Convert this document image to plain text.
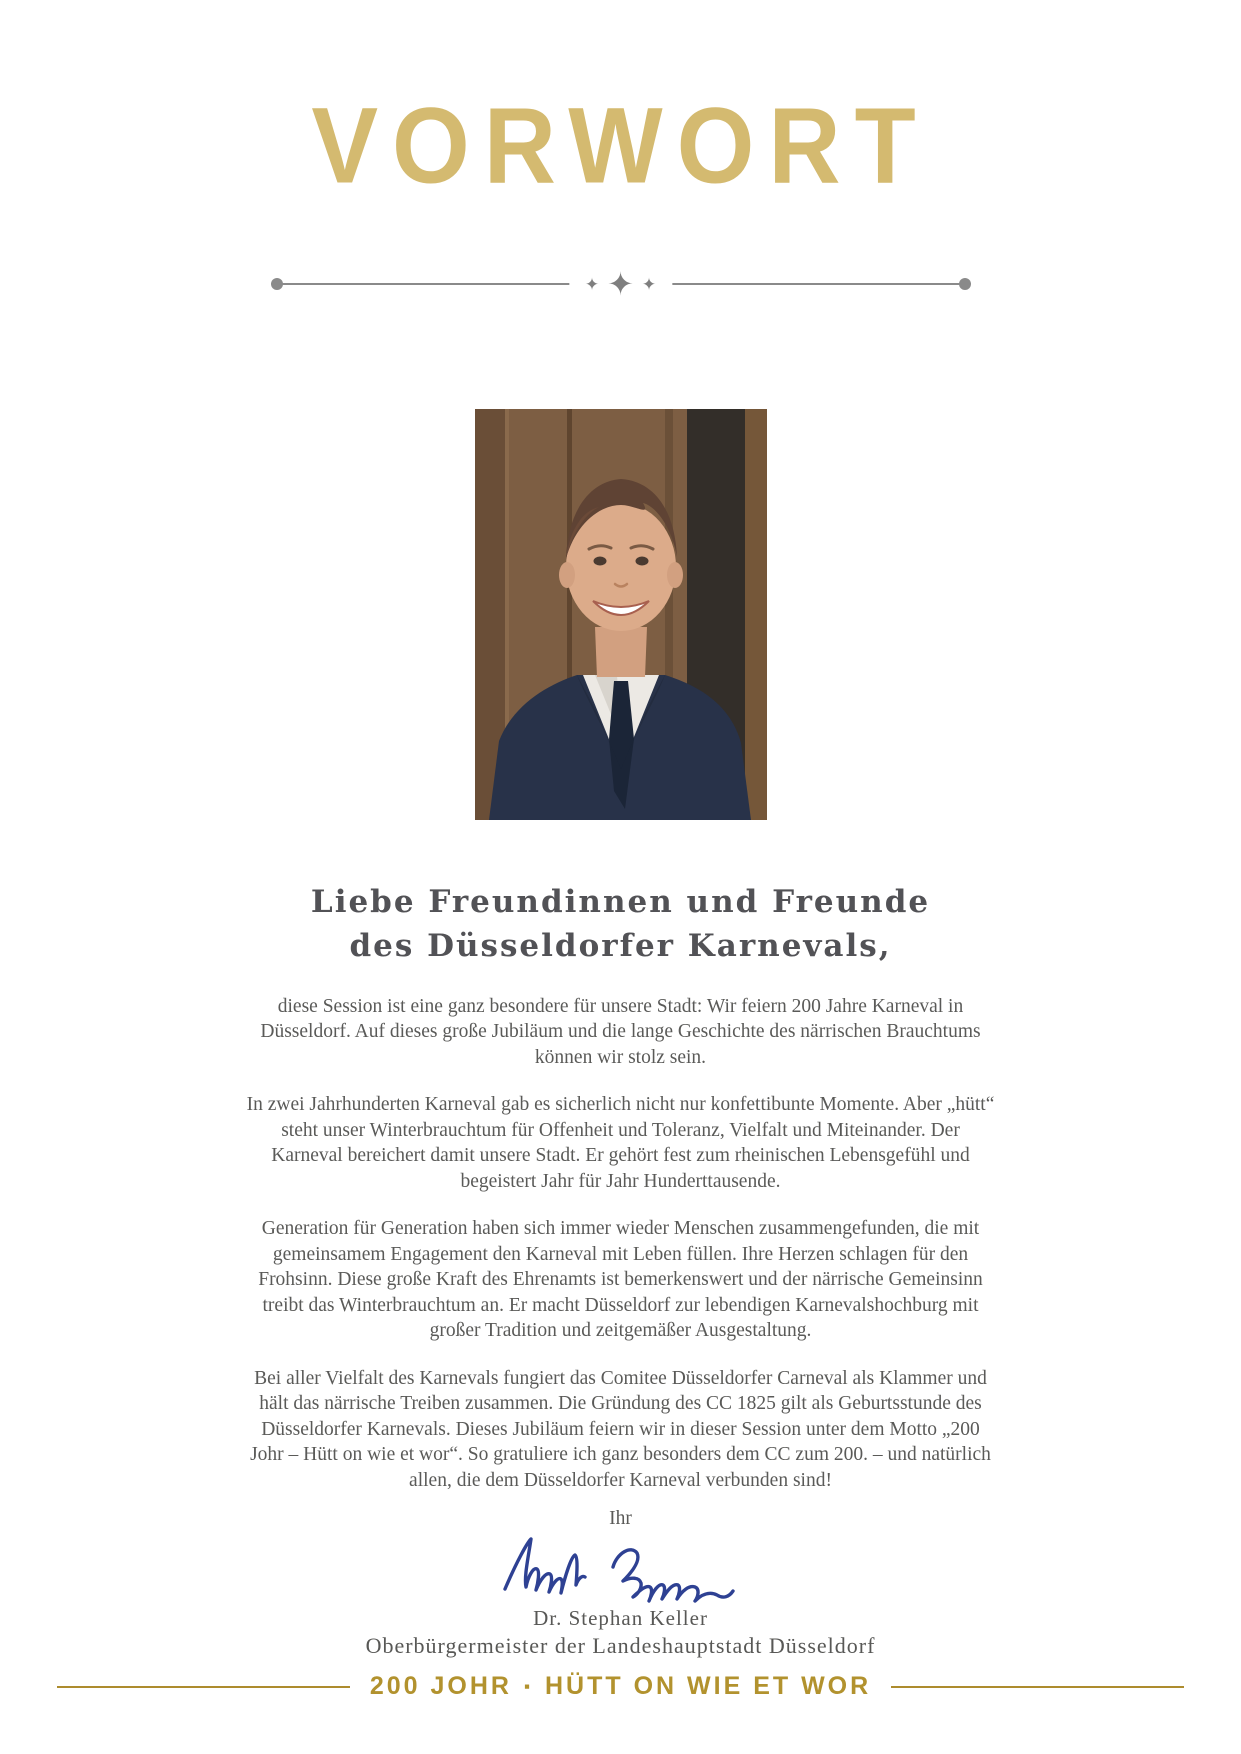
VORWORT
✦ ✦ ✦
Liebe Freundinnen und Freunde
des Düsseldorfer Karnevals,

diese Session ist eine ganz besondere für unsere Stadt: Wir feiern 200 Jahre Karneval in Düsseldorf. Auf dieses große Jubiläum und die lange Geschichte des närrischen Brauchtums können wir stolz sein.

In zwei Jahrhunderten Karneval gab es sicherlich nicht nur konfettibunte Momente. Aber „hütt“ steht unser Winterbrauchtum für Offenheit und Toleranz, Vielfalt und Miteinander. Der Karneval bereichert damit unsere Stadt. Er gehört fest zum rheinischen Lebensgefühl und begeistert Jahr für Jahr Hunderttausende.

Generation für Generation haben sich immer wieder Menschen zusammengefunden, die mit gemeinsamem Engagement den Karneval mit Leben füllen. Ihre Herzen schlagen für den Frohsinn. Diese große Kraft des Ehrenamts ist bemerkenswert und der närrische Gemeinsinn treibt das Winterbrauchtum an. Er macht Düsseldorf zur lebendigen Karnevalshochburg mit großer Tradition und zeitgemäßer Ausgestaltung.

Bei aller Vielfalt des Karnevals fungiert das Comitee Düsseldorfer Carneval als Klammer und hält das närrische Treiben zusammen. Die Gründung des CC 1825 gilt als Geburtsstunde des Düsseldorfer Karnevals. Dieses Jubiläum feiern wir in dieser Session unter dem Motto „200 Johr – Hütt on wie et wor“. So gratuliere ich ganz besonders dem CC zum 200. – und natürlich allen, die dem Düsseldorfer Karneval verbunden sind!

Ihr
Dr. Stephan Keller
Oberbürgermeister der Landeshauptstadt Düsseldorf
200 JOHR ▪ HÜTT ON WIE ET WOR
